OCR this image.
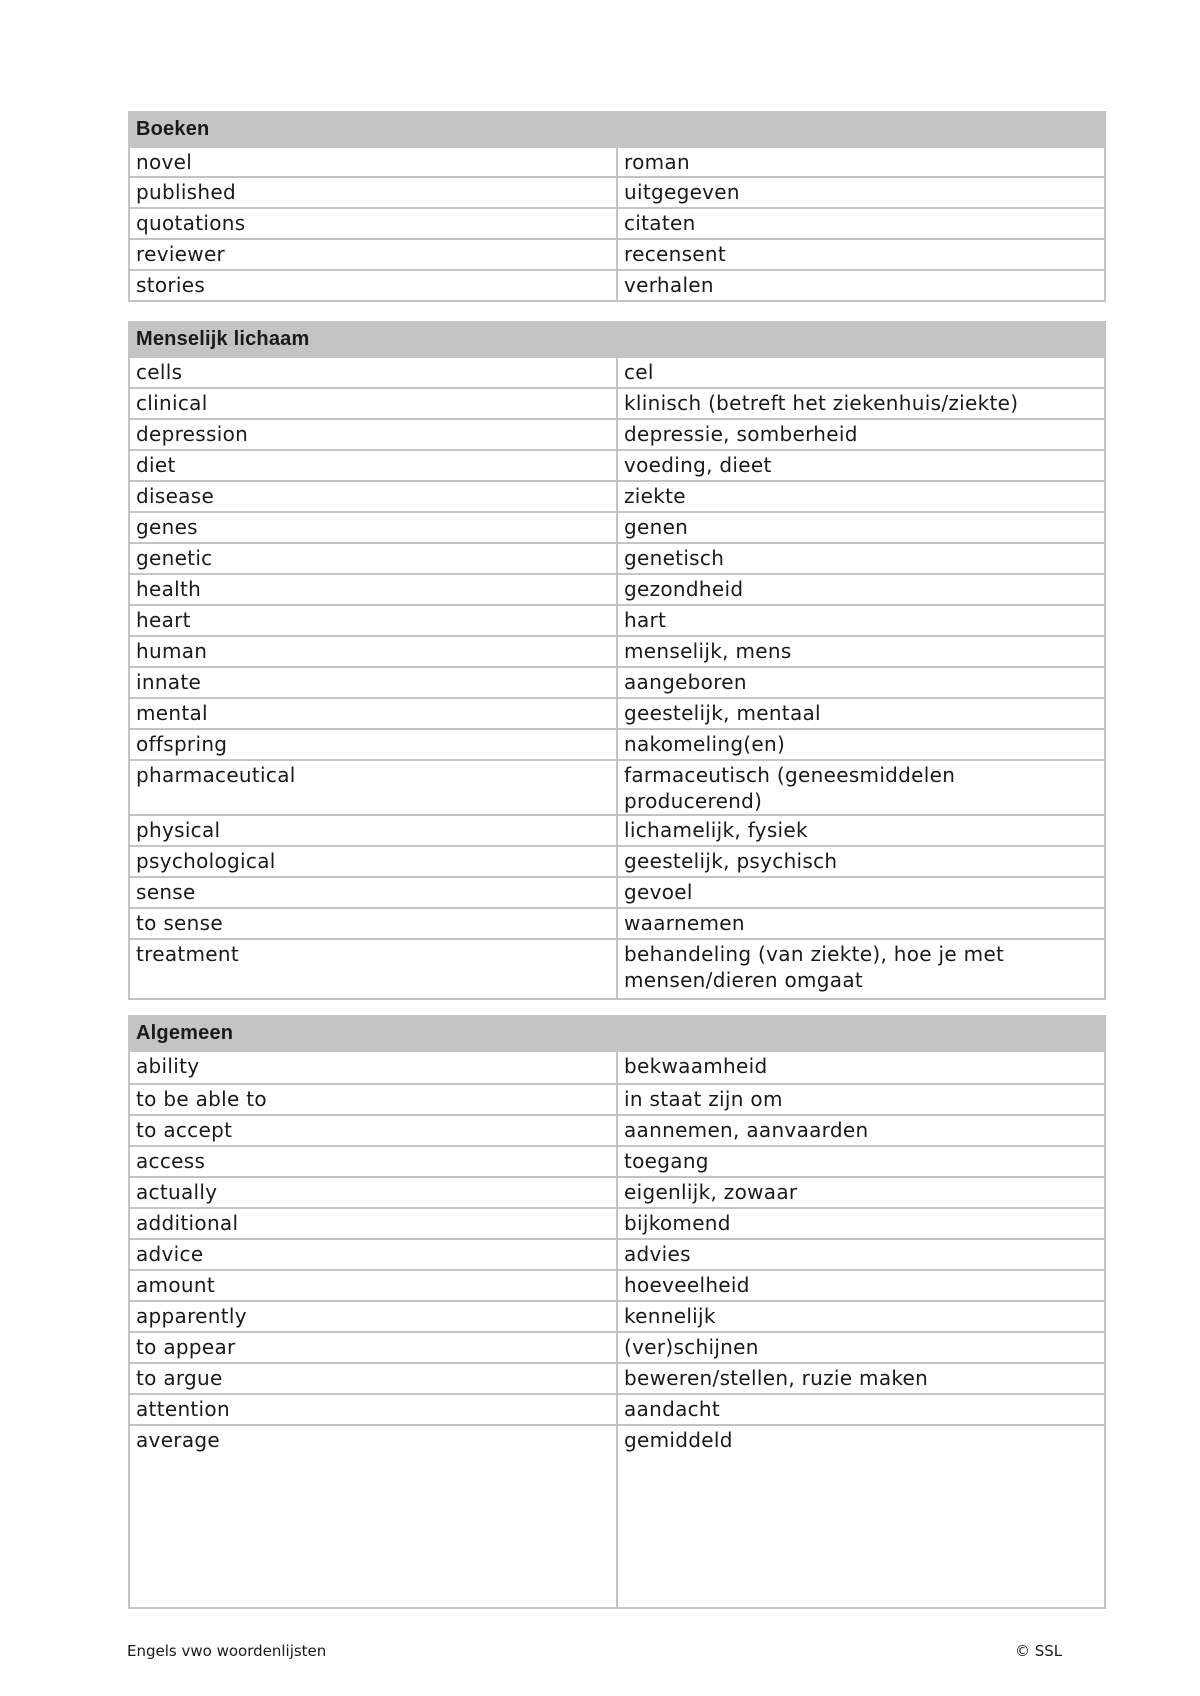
Boeken	
novel	roman
published	uitgegeven
quotations	citaten
reviewer	recensent
stories	verhalen
Menselijk lichaam	
cells	cel
clinical	klinisch (betreft het ziekenhuis/ziekte)
depression	depressie, somberheid
diet	voeding, dieet
disease	ziekte
genes	genen
genetic	genetisch
health	gezondheid
heart	hart
human	menselijk, mens
innate	aangeboren
mental	geestelijk, mentaal
offspring	nakomeling(en)
pharmaceutical	farmaceutisch (geneesmiddelen producerend)
physical	lichamelijk, fysiek
psychological	geestelijk, psychisch
sense	gevoel
to sense	waarnemen
treatment	behandeling (van ziekte), hoe je met mensen/dieren omgaat
Algemeen	
ability	bekwaamheid
to be able to	in staat zijn om
to accept	aannemen, aanvaarden
access	toegang
actually	eigenlijk, zowaar
additional	bijkomend
advice	advies
amount	hoeveelheid
apparently	kennelijk
to appear	(ver)schijnen
to argue	beweren/stellen, ruzie maken
attention	aandacht
average	gemiddeld
Engels vwo woordenlijsten	© SSL
